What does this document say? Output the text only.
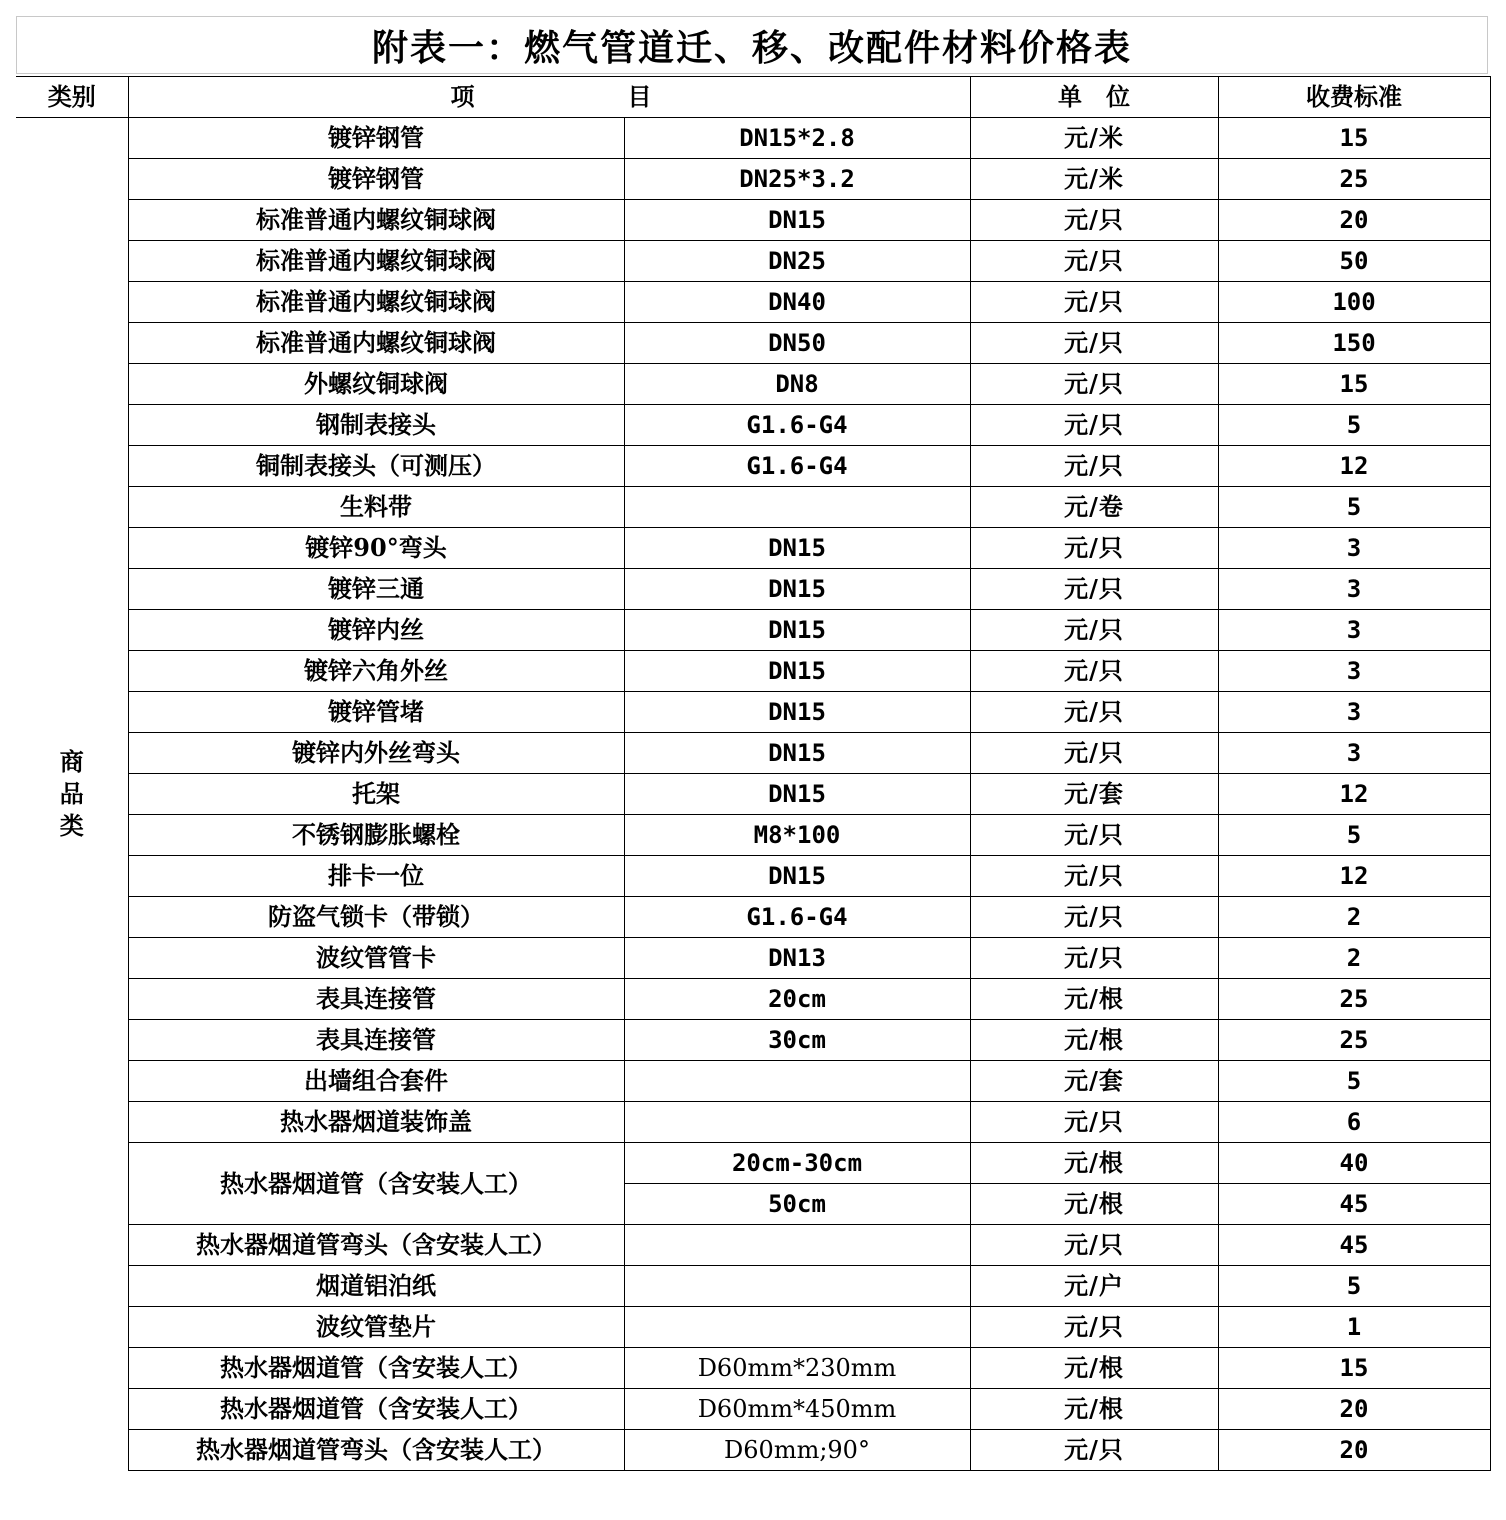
附表一：燃气管道迁、移、改配件材料价格表
类别	项 目		单　位	收费标准
商品类	镀锌钢管	DN15*2.8	元/米	15
	镀锌钢管	DN25*3.2	元/米	25
	标准普通内螺纹铜球阀	DN15	元/只	20
	标准普通内螺纹铜球阀	DN25	元/只	50
	标准普通内螺纹铜球阀	DN40	元/只	100
	标准普通内螺纹铜球阀	DN50	元/只	150
	外螺纹铜球阀	DN8	元/只	15
	钢制表接头	G1.6-G4	元/只	5
	铜制表接头（可测压）	G1.6-G4	元/只	12
	生料带		元/卷	5
	镀锌90°弯头	DN15	元/只	3
	镀锌三通	DN15	元/只	3
	镀锌内丝	DN15	元/只	3
	镀锌六角外丝	DN15	元/只	3
	镀锌管堵	DN15	元/只	3
	镀锌内外丝弯头	DN15	元/只	3
	托架	DN15	元/套	12
	不锈钢膨胀螺栓	M8*100	元/只	5
	排卡一位	DN15	元/只	12
	防盗气锁卡（带锁）	G1.6-G4	元/只	2
	波纹管管卡	DN13	元/只	2
	表具连接管	20cm	元/根	25
	表具连接管	30cm	元/根	25
	出墙组合套件		元/套	5
	热水器烟道装饰盖		元/只	6
	热水器烟道管（含安装人工）	20cm-30cm	元/根	40
		50cm	元/根	45
	热水器烟道管弯头（含安装人工）		元/只	45
	烟道铝泊纸		元/户	5
	波纹管垫片		元/只	1
	热水器烟道管（含安装人工）	D60mm*230mm	元/根	15
	热水器烟道管（含安装人工）	D60mm*450mm	元/根	20
	热水器烟道管弯头（含安装人工）	D60mm;90°	元/只	20
